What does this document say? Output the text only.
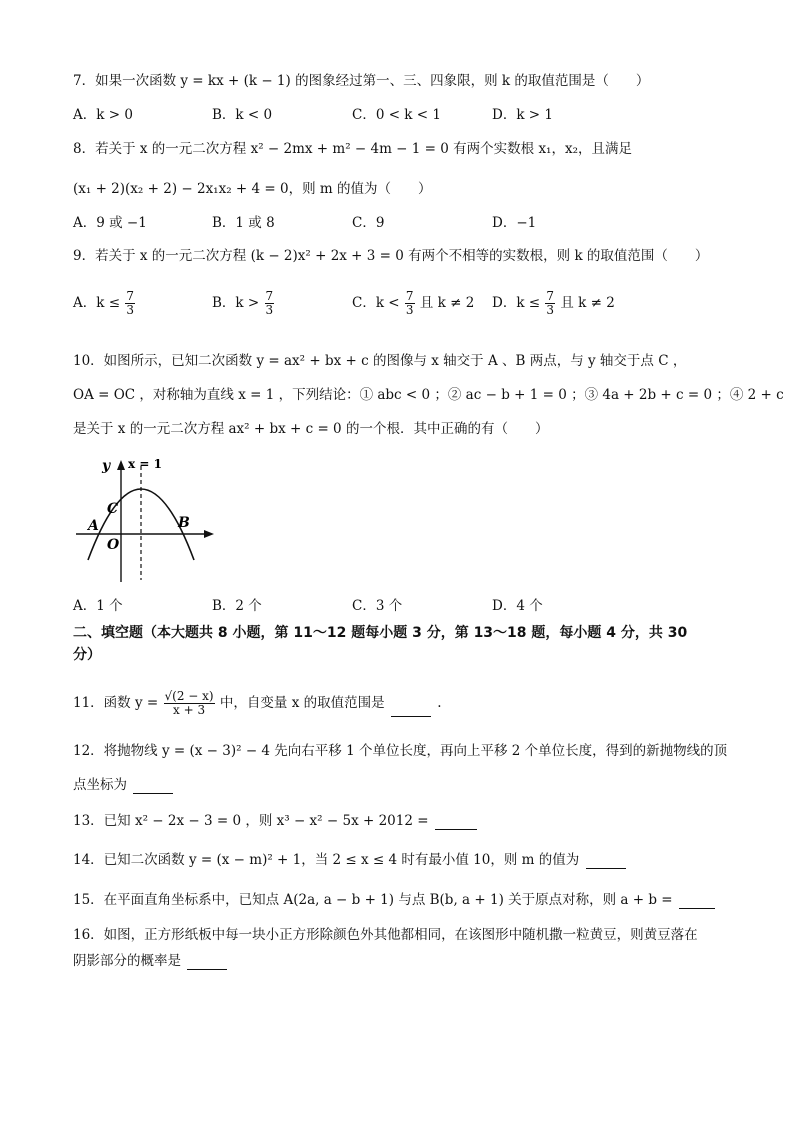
7．如果一次函数 y = kx + (k − 1) 的图象经过第一、三、四象限，则 k 的取值范围是（　　）
A．k > 0	B．k < 0	C．0 < k < 1	D．k > 1
8．若关于 x 的一元二次方程 x² − 2mx + m² − 4m − 1 = 0 有两个实数根 x₁，x₂，且满足
(x₁ + 2)(x₂ + 2) − 2x₁x₂ + 4 = 0，则 m 的值为（　　）
A．9 或 −1	B．1 或 8	C．9	D．−1
9．若关于 x 的一元二次方程 (k − 2)x² + 2x + 3 = 0 有两个不相等的实数根，则 k 的取值范围（　　）
A．$k \le \frac{7}{3}$	B．$k > \frac{7}{3}$	C．$k < \frac{7}{3}$ 且 k ≠ 2 D．$k \le \frac{7}{3}$ 且 k ≠ 2
10．如图所示，已知二次函数 y = ax² + bx + c 的图像与 x 轴交于 A 、B 两点，与 y 轴交于点 C ，
OA = OC ，对称轴为直线 x = 1 ，下列结论：① abc < 0 ；② ac − b + 1 = 0 ；③ 4a + 2b + c = 0 ；④ 2 + c
是关于 x 的一元二次方程 ax² + bx + c = 0 的一个根．其中正确的有（　　）
y x = 1
C
A
O
B
A．1 个	B．2 个	C．3 个	D．4 个
二、填空题（本大题共 8 小题，第 11～12 题每小题 3 分，第 13～18 题，每小题 4 分，共 30
分）
11．函数 $y = \frac{√(2 - x)}{x + 3}$ 中，自变量 x 的取值范围是	.
12．将抛物线 y = (x − 3)² − 4 先向右平移 1 个单位长度，再向上平移 2 个单位长度，得到的新抛物线的顶
点坐标为
13．已知 x² − 2x − 3 = 0 ，则 x³ − x² − 5x + 2012 =
14．已知二次函数 y = (x − m)² + 1，当 2 ≤ x ≤ 4 时有最小值 10，则 m 的值为
15．在平面直角坐标系中，已知点 A(2a, a − b + 1) 与点 B(b, a + 1) 关于原点对称，则 a + b =
16．如图，正方形纸板中每一块小正方形除颜色外其他都相同，在该图形中随机撒一粒黄豆，则黄豆落在
阴影部分的概率是
